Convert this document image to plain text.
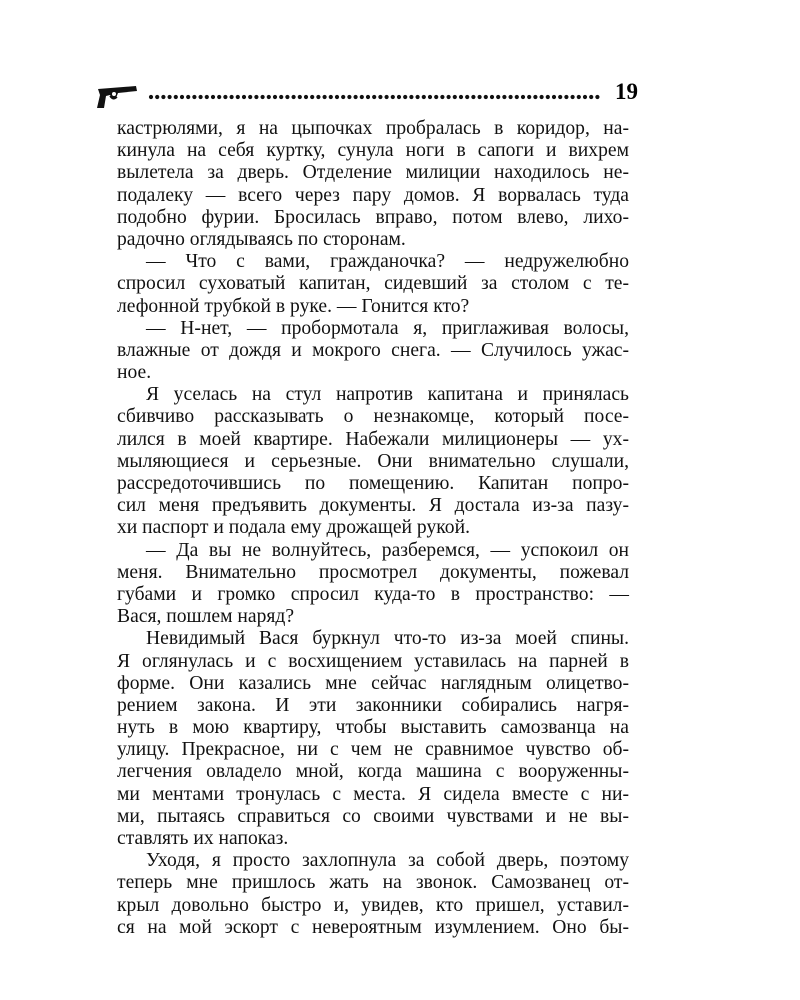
19
кастрюлями, я на цыпочках пробралась в коридор, на-
кинула на себя куртку, сунула ноги в сапоги и вихрем
вылетела за дверь. Отделение милиции находилось не-
подалеку — всего через пару домов. Я ворвалась туда
подобно фурии. Бросилась вправо, потом влево, лихо-
радочно оглядываясь по сторонам.
— Что с вами, гражданочка? — недружелюбно
спросил суховатый капитан, сидевший за столом с те-
лефонной трубкой в руке. — Гонится кто?
— Н-нет, — пробормотала я, приглаживая волосы,
влажные от дождя и мокрого снега. — Случилось ужас-
ное.
Я уселась на стул напротив капитана и принялась
сбивчиво рассказывать о незнакомце, который посе-
лился в моей квартире. Набежали милиционеры — ух-
мыляющиеся и серьезные. Они внимательно слушали,
рассредоточившись по помещению. Капитан попро-
сил меня предъявить документы. Я достала из-за пазу-
хи паспорт и подала ему дрожащей рукой.
— Да вы не волнуйтесь, разберемся, — успокоил он
меня. Внимательно просмотрел документы, пожевал
губами и громко спросил куда-то в пространство: —
Вася, пошлем наряд?
Невидимый Вася буркнул что-то из-за моей спины.
Я оглянулась и с восхищением уставилась на парней в
форме. Они казались мне сейчас наглядным олицетво-
рением закона. И эти законники собирались нагря-
нуть в мою квартиру, чтобы выставить самозванца на
улицу. Прекрасное, ни с чем не сравнимое чувство об-
легчения овладело мной, когда машина с вооруженны-
ми ментами тронулась с места. Я сидела вместе с ни-
ми, пытаясь справиться со своими чувствами и не вы-
ставлять их напоказ.
Уходя, я просто захлопнула за собой дверь, поэтому
теперь мне пришлось жать на звонок. Самозванец от-
крыл довольно быстро и, увидев, кто пришел, уставил-
ся на мой эскорт с невероятным изумлением. Оно бы-
